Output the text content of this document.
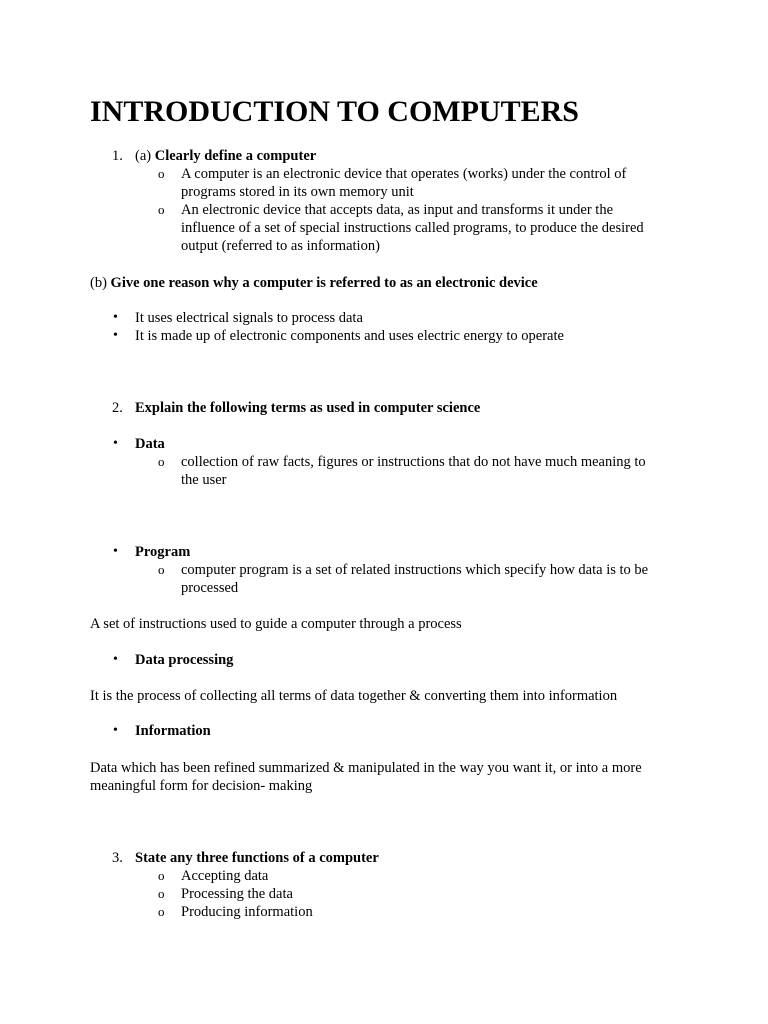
INTRODUCTION TO COMPUTERS
1. (a) Clearly define a computer
o A computer is an electronic device that operates (works) under the control of
programs stored in its own memory unit
o An electronic device that accepts data, as input and transforms it under the
influence of a set of special instructions called programs, to produce the desired
output (referred to as information)
(b) Give one reason why a computer is referred to as an electronic device
• It uses electrical signals to process data
• It is made up of electronic components and uses electric energy to operate
2. Explain the following terms as used in computer science
• Data
o collection of raw facts, figures or instructions that do not have much meaning to
the user
• Program
o computer program is a set of related instructions which specify how data is to be
processed
A set of instructions used to guide a computer through a process
• Data processing
It is the process of collecting all terms of data together & converting them into information
• Information
Data which has been refined summarized & manipulated in the way you want it, or into a more
meaningful form for decision- making
3. State any three functions of a computer
o Accepting data
o Processing the data
o Producing information
